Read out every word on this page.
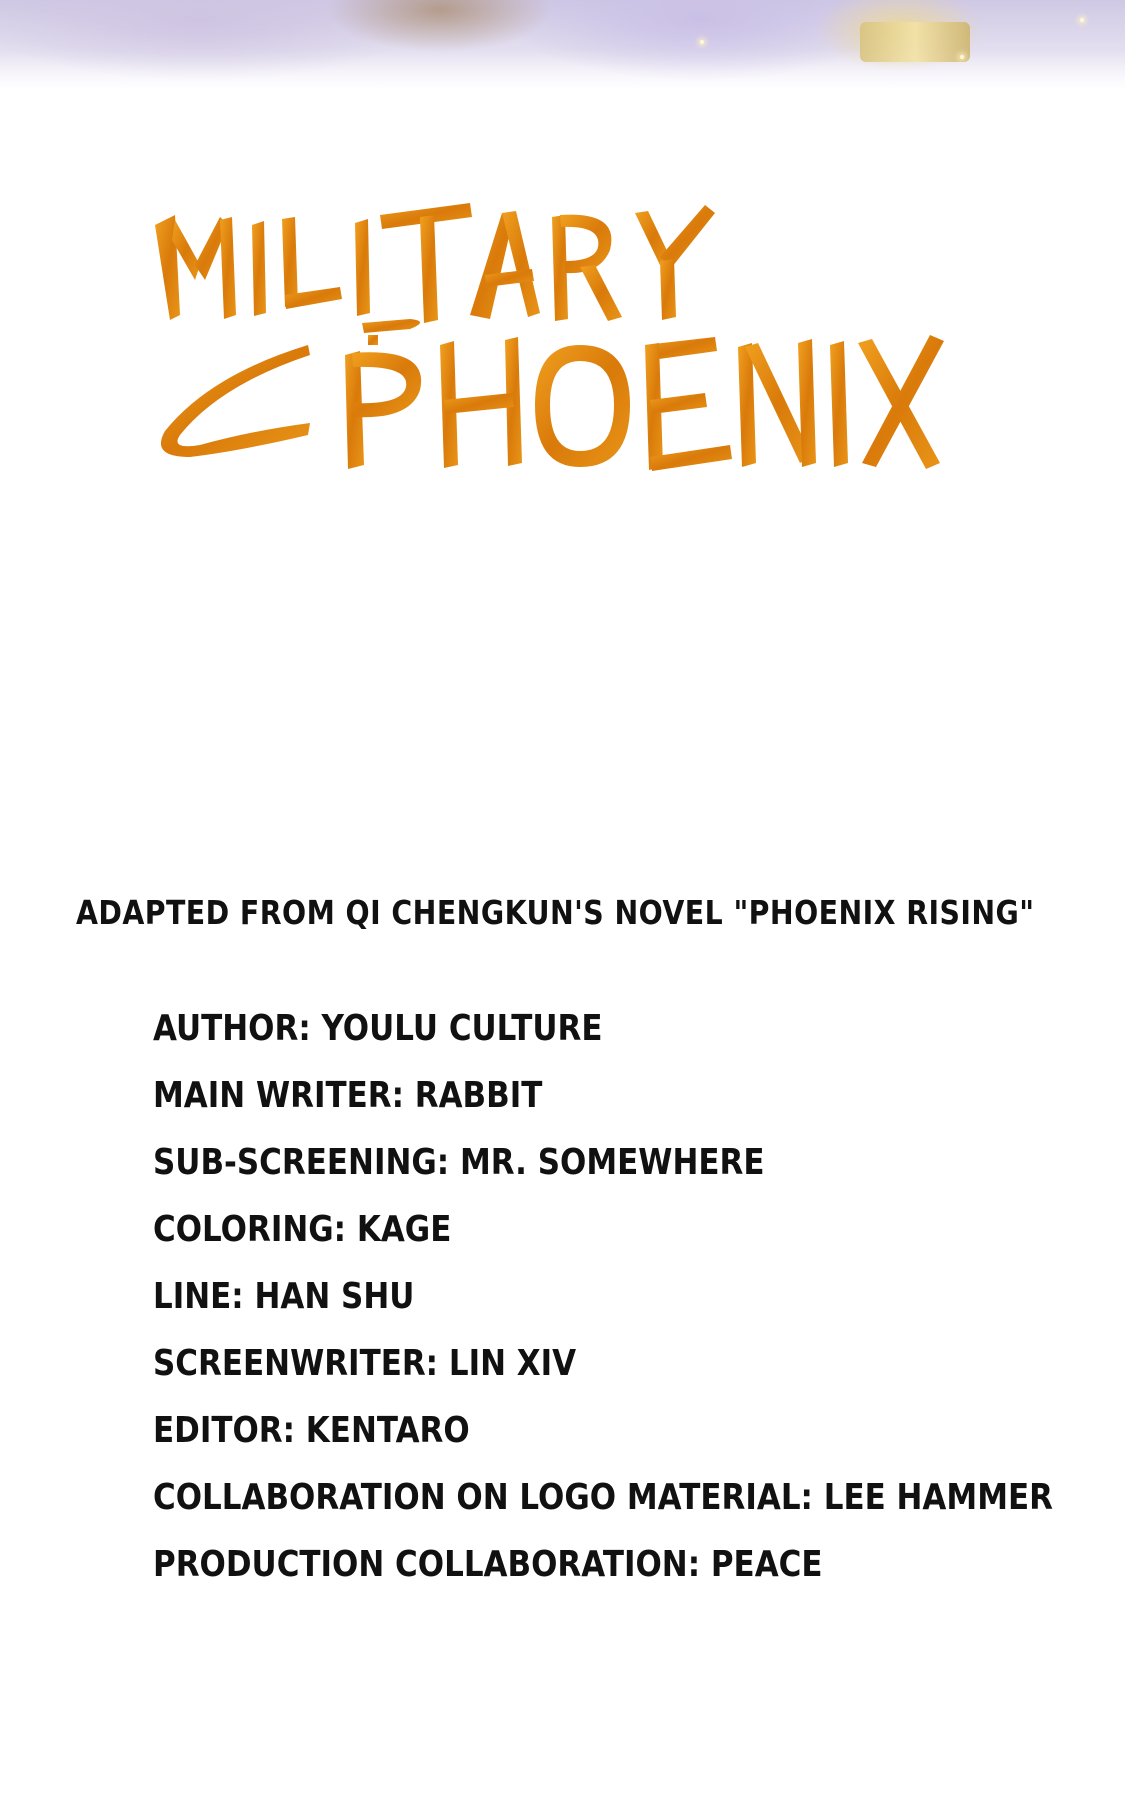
ADAPTED FROM QI CHENGKUN'S NOVEL "PHOENIX RISING"
AUTHOR: YOULU CULTURE
MAIN WRITER: RABBIT
SUB-SCREENING: MR. SOMEWHERE
COLORING: KAGE
LINE: HAN SHU
SCREENWRITER: LIN XIV
EDITOR: KENTARO
COLLABORATION ON LOGO MATERIAL: LEE HAMMER
PRODUCTION COLLABORATION: PEACE
